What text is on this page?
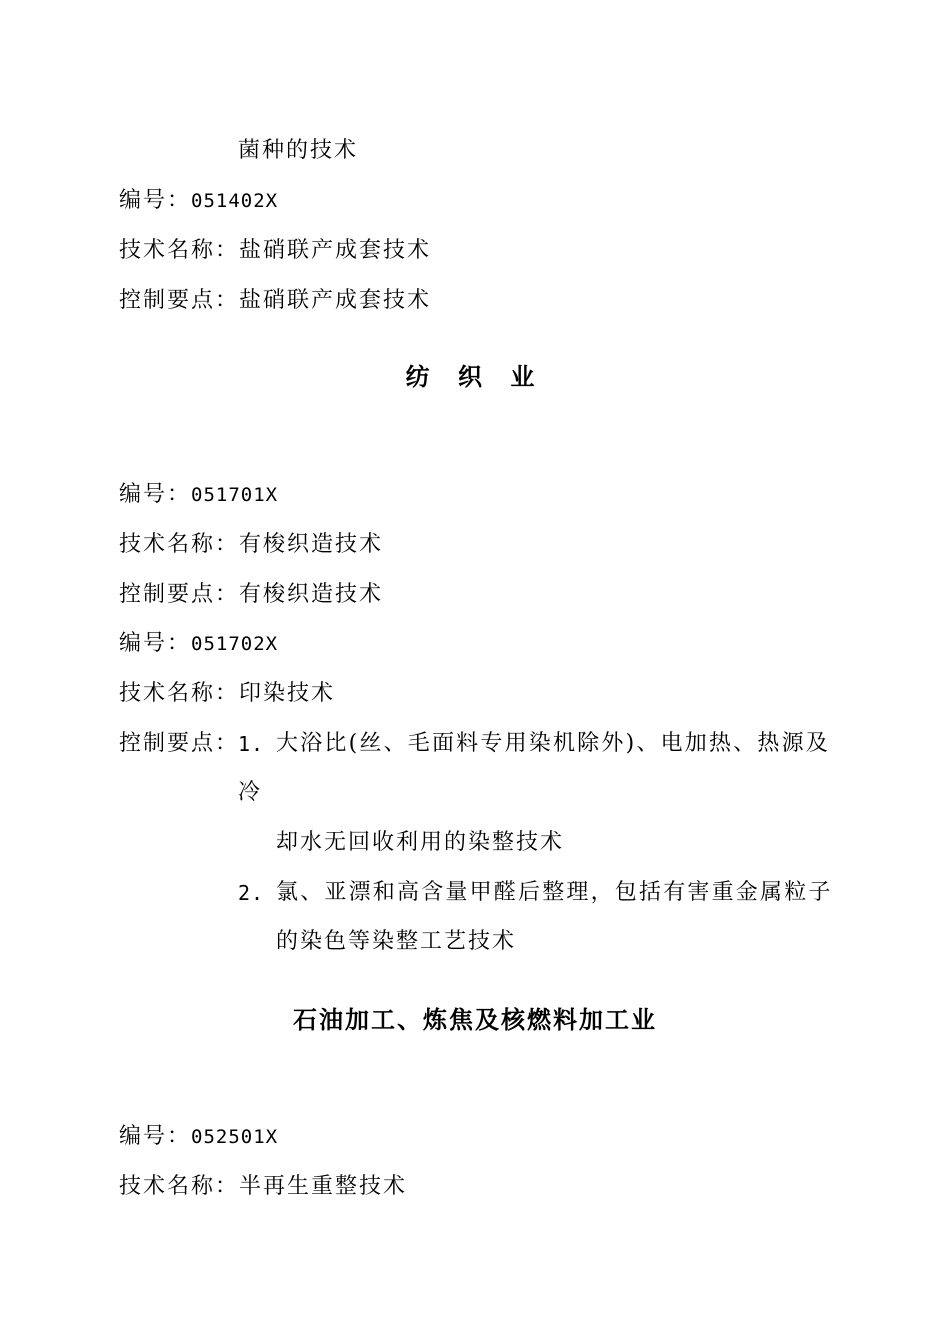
菌种的技术
编号：051402X
技术名称：盐硝联产成套技术
控制要点：盐硝联产成套技术
纺 织 业
编号：051701X
技术名称：有梭织造技术
控制要点：有梭织造技术
编号：051702X
技术名称：印染技术
控制要点：
1. 大浴比(丝、毛面料专用染机除外)、电加热、热源及
冷
却水无回收利用的染整技术
2. 氯、亚漂和高含量甲醛后整理，包括有害重金属粒子
的染色等染整工艺技术
石油加工、炼焦及核燃料加工业
编号：052501X
技术名称：半再生重整技术
